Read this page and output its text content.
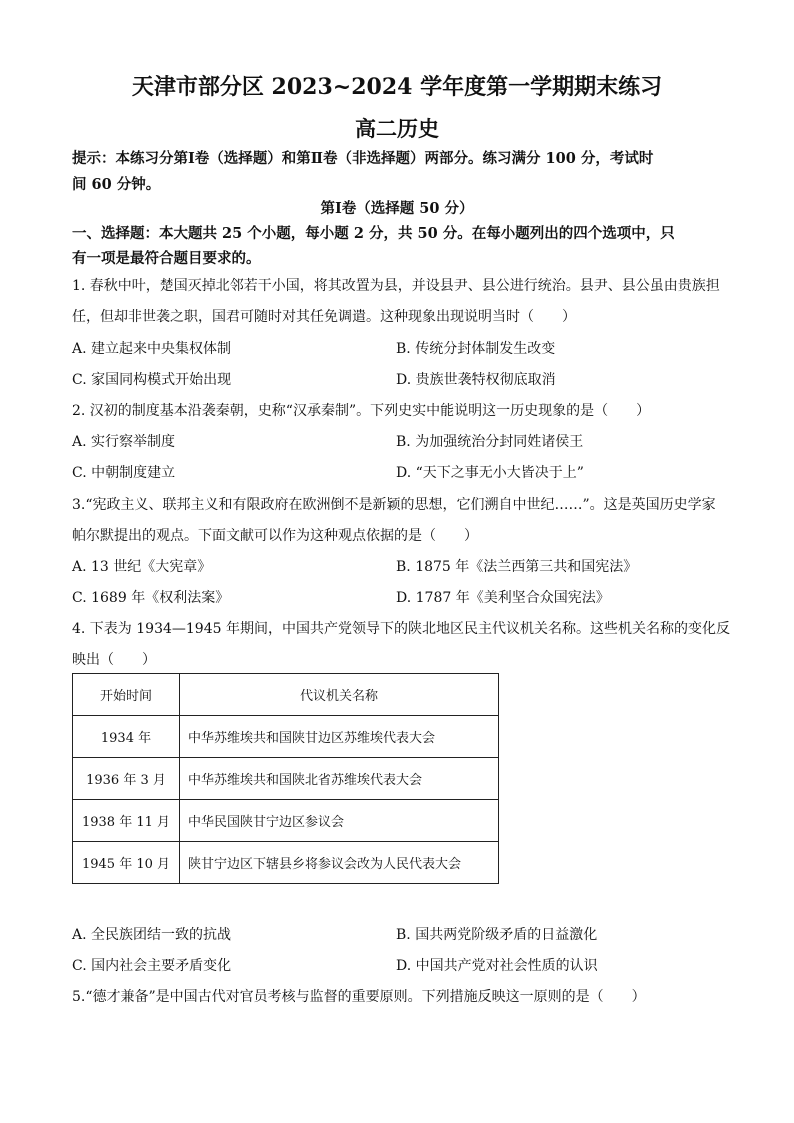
天津市部分区 2023~2024 学年度第一学期期末练习
高二历史
提示：本练习分第Ⅰ卷（选择题）和第Ⅱ卷（非选择题）两部分。练习满分 100 分，考试时
间 60 分钟。
第Ⅰ卷（选择题 50 分）
一、选择题：本大题共 25 个小题，每小题 2 分，共 50 分。在每小题列出的四个选项中，只
有一项是最符合题目要求的。
1. 春秋中叶，楚国灭掉北邻若干小国，将其改置为县，并设县尹、县公进行统治。县尹、县公虽由贵族担
任，但却非世袭之职，国君可随时对其任免调遣。这种现象出现说明当时（　　）
A. 建立起来中央集权体制	B. 传统分封体制发生改变
C. 家国同构模式开始出现	D. 贵族世袭特权彻底取消
2. 汉初的制度基本沿袭秦朝，史称“汉承秦制”。下列史实中能说明这一历史现象的是（　　）
A. 实行察举制度	B. 为加强统治分封同姓诸侯王
C. 中朝制度建立	D. “天下之事无小大皆决于上”
3.“宪政主义、联邦主义和有限政府在欧洲倒不是新颖的思想，它们溯自中世纪……”。这是英国历史学家
帕尔默提出的观点。下面文献可以作为这种观点依据的是（　　）
A. 13 世纪《大宪章》	B. 1875 年《法兰西第三共和国宪法》
C. 1689 年《权利法案》	D. 1787 年《美利坚合众国宪法》
4. 下表为 1934—1945 年期间，中国共产党领导下的陕北地区民主代议机关名称。这些机关名称的变化反
映出（　　）
开始时间	代议机关名称
1934 年	中华苏维埃共和国陕甘边区苏维埃代表大会
1936 年 3 月	中华苏维埃共和国陕北省苏维埃代表大会
1938 年 11 月	中华民国陕甘宁边区参议会
1945 年 10 月	陕甘宁边区下辖县乡将参议会改为人民代表大会
A. 全民族团结一致的抗战	B. 国共两党阶级矛盾的日益激化
C. 国内社会主要矛盾变化	D. 中国共产党对社会性质的认识
5.“德才兼备”是中国古代对官员考核与监督的重要原则。下列措施反映这一原则的是（　　）
